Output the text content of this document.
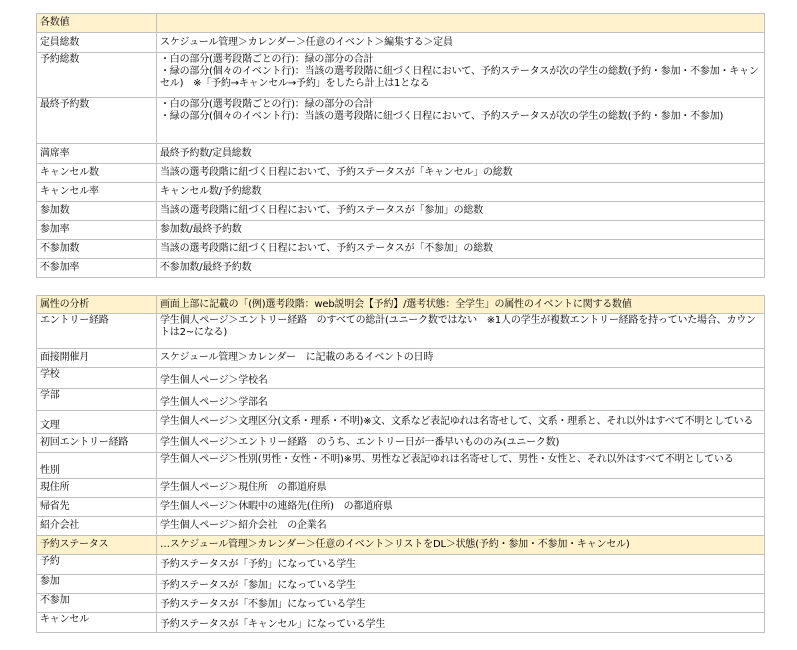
各数値	
定員総数	スケジュール管理＞カレンダー＞任意のイベント＞編集する＞定員
予約総数	・白の部分(選考段階ごとの行)：緑の部分の合計
・緑の部分(個々のイベント行)：当該の選考段階に紐づく日程において、予約ステータスが次の学生の総数(予約・参加・不参加・キャンセル)　※「予約→キャンセル→予約」をしたら計上は1となる

最終予約数	・白の部分(選考段階ごとの行)：緑の部分の合計
・緑の部分(個々のイベント行)：当該の選考段階に紐づく日程において、予約ステータスが次の学生の総数(予約・参加・不参加)

満席率	最終予約数/定員総数
キャンセル数	当該の選考段階に紐づく日程において、予約ステータスが「キャンセル」の総数
キャンセル率	キャンセル数/予約総数
参加数	当該の選考段階に紐づく日程において、予約ステータスが「参加」の総数
参加率	参加数/最終予約数
不参加数	当該の選考段階に紐づく日程において、予約ステータスが「不参加」の総数
不参加率	不参加数/最終予約数
属性の分析	画面上部に記載の「(例)選考段階：web説明会【予約】/選考状態：全学生」の属性のイベントに関する数値
エントリー経路	学生個人ページ＞エントリー経路　のすべての総計(ユニーク数ではない　※1人の学生が複数エントリー経路を持っていた場合、カウントは2~になる)
面接開催月	スケジュール管理＞カレンダー　に記載のあるイベントの日時
学校	学生個人ページ＞学校名
学部	学生個人ページ＞学部名
文理	学生個人ページ＞文理区分(文系・理系・不明)※文、文系など表記ゆれは名寄せして、文系・理系と、それ以外はすべて不明としている
初回エントリー経路	学生個人ページ＞エントリー経路　のうち、エントリー日が一番早いもののみ(ユニーク数)
性別	学生個人ページ＞性別(男性・女性・不明)※男、男性など表記ゆれは名寄せして、男性・女性と、それ以外はすべて不明としている
現住所	学生個人ページ＞現住所　の都道府県
帰省先	学生個人ページ＞休暇中の連絡先(住所)　の都道府県
紹介会社	学生個人ページ＞紹介会社　の企業名
予約ステータス	…スケジュール管理＞カレンダー＞任意のイベント＞リストをDL＞状態(予約・参加・不参加・キャンセル)
予約	予約ステータスが「予約」になっている学生
参加	予約ステータスが「参加」になっている学生
不参加	予約ステータスが「不参加」になっている学生
キャンセル	予約ステータスが「キャンセル」になっている学生
